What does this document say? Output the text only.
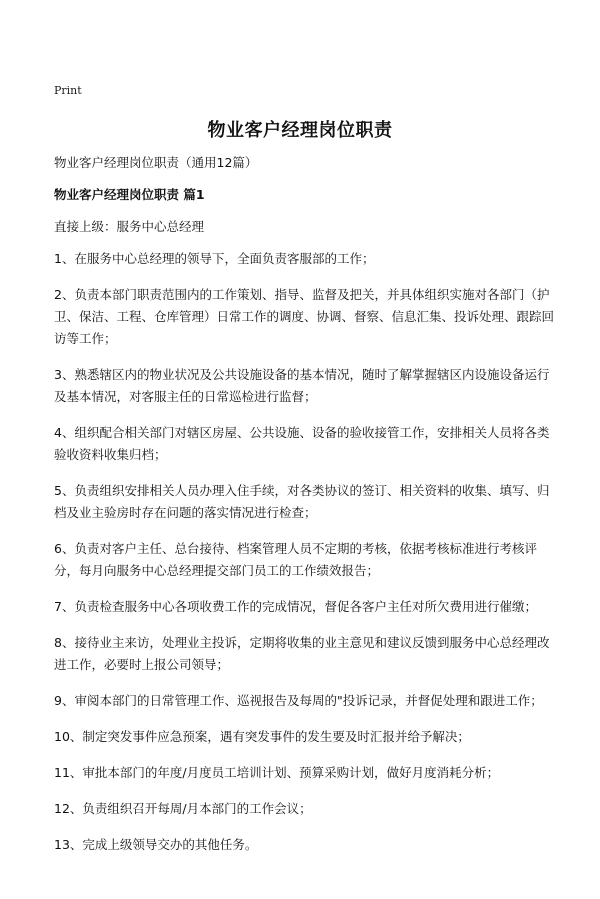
Print
物业客户经理岗位职责

物业客户经理岗位职责（通用12篇）

物业客户经理岗位职责 篇1

直接上级：服务中心总经理

1、在服务中心总经理的领导下，全面负责客服部的工作；

2、负责本部门职责范围内的工作策划、指导、监督及把关，并具体组织实施对各部门（护卫、保洁、工程、仓库管理）日常工作的调度、协调、督察、信息汇集、投诉处理、跟踪回访等工作；

3、熟悉辖区内的物业状况及公共设施设备的基本情况，随时了解掌握辖区内设施设备运行及基本情况，对客服主任的日常巡检进行监督；

4、组织配合相关部门对辖区房屋、公共设施、设备的验收接管工作，安排相关人员将各类验收资料收集归档；

5、负责组织安排相关人员办理入住手续，对各类协议的签订、相关资料的收集、填写、归档及业主验房时存在问题的落实情况进行检查；

6、负责对客户主任、总台接待、档案管理人员不定期的考核，依据考核标准进行考核评分，每月向服务中心总经理提交部门员工的工作绩效报告；

7、负责检查服务中心各项收费工作的完成情况，督促各客户主任对所欠费用进行催缴；

8、接待业主来访，处理业主投诉，定期将收集的业主意见和建议反馈到服务中心总经理改进工作，必要时上报公司领导；

9、审阅本部门的日常管理工作、巡视报告及每周的"投诉记录，并督促处理和跟进工作；

10、制定突发事件应急预案，遇有突发事件的发生要及时汇报并给予解决；

11、审批本部门的年度/月度员工培训计划、预算采购计划，做好月度消耗分析；

12、负责组织召开每周/月本部门的工作会议；

13、完成上级领导交办的其他任务。
